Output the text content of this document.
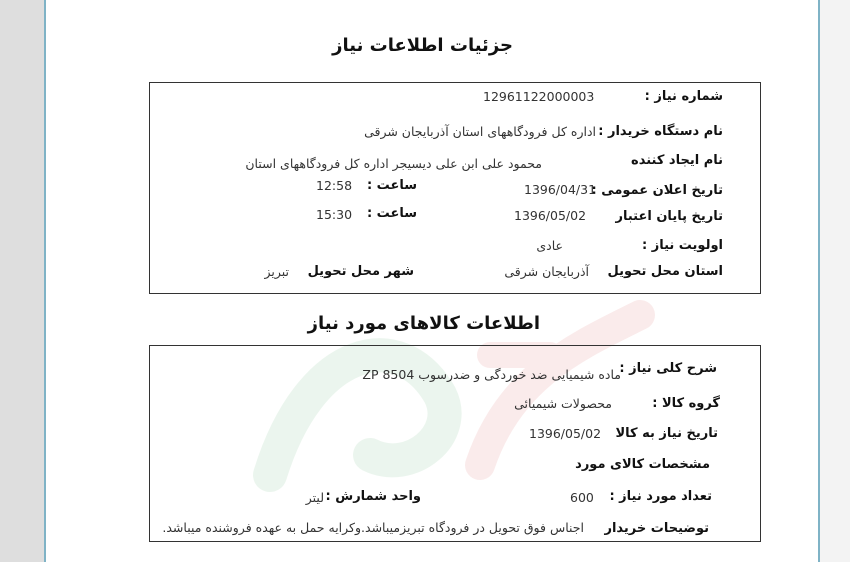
جزئیات اطلاعات نیاز
شماره نیاز :
12961122000003
نام دستگاه خریدار :
اداره کل فرودگاههای استان آذربایجان شرقی
نام ایجاد کننده
محمود علی ابن علی دیسیجر اداره کل فرودگاههای استان
تاریخ اعلان عمومی :
1396/04/31
ساعت :
12:58
تاریخ پایان اعتبار
1396/05/02
ساعت :
15:30
اولویت نیاز :
عادی
استان محل تحویل
آذربایجان شرقی
شهر محل تحویل
تبریز
اطلاعات کالاهای مورد نیاز
شرح کلی نیاز :
ماده شیمیایی ضد خوردگی و ضدرسوب ZP 8504
گروه کالا :
محصولات شیمیائی
تاریخ نیاز به کالا
1396/05/02
مشخصات کالای مورد
تعداد مورد نیاز :
600
واحد شمارش :
لیتر
توضیحات خریدار
اجناس فوق تحویل در فرودگاه تبریزمیباشد.وکرایه حمل به عهده فروشنده میباشد.
